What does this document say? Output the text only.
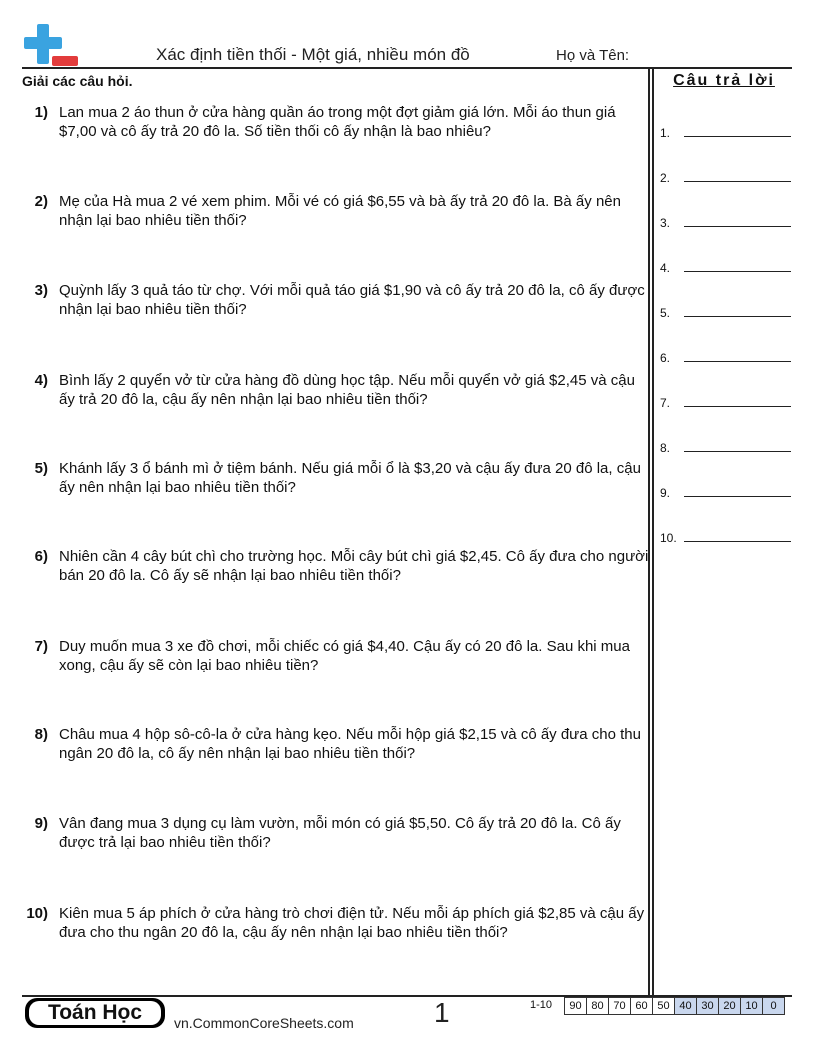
Xác định tiền thối - Một giá, nhiều món đồ	Họ và Tên:
Giải các câu hỏi.	Câu trả lời
1) Lan mua 2 áo thun ở cửa hàng quần áo trong một đợt giảm giá lớn. Mỗi áo thun giá $7,00 và cô ấy trả 20 đô la. Số tiền thối cô ấy nhận là bao nhiêu?
2) Mẹ của Hà mua 2 vé xem phim. Mỗi vé có giá $6,55 và bà ấy trả 20 đô la. Bà ấy nên nhận lại bao nhiêu tiền thối?
3) Quỳnh lấy 3 quả táo từ chợ. Với mỗi quả táo giá $1,90 và cô ấy trả 20 đô la, cô ấy được nhận lại bao nhiêu tiền thối?
4) Bình lấy 2 quyển vở từ cửa hàng đồ dùng học tập. Nếu mỗi quyển vở giá $2,45 và cậu ấy trả 20 đô la, cậu ấy nên nhận lại bao nhiêu tiền thối?
5) Khánh lấy 3 ổ bánh mì ở tiệm bánh. Nếu giá mỗi ổ là $3,20 và cậu ấy đưa 20 đô la, cậu ấy nên nhận lại bao nhiêu tiền thối?
6) Nhiên cần 4 cây bút chì cho trường học. Mỗi cây bút chì giá $2,45. Cô ấy đưa cho người bán 20 đô la. Cô ấy sẽ nhận lại bao nhiêu tiền thối?
7) Duy muốn mua 3 xe đồ chơi, mỗi chiếc có giá $4,40. Cậu ấy có 20 đô la. Sau khi mua xong, cậu ấy sẽ còn lại bao nhiêu tiền?
8) Châu mua 4 hộp sô-cô-la ở cửa hàng kẹo. Nếu mỗi hộp giá $2,15 và cô ấy đưa cho thu ngân 20 đô la, cô ấy nên nhận lại bao nhiêu tiền thối?
9) Vân đang mua 3 dụng cụ làm vườn, mỗi món có giá $5,50. Cô ấy trả 20 đô la. Cô ấy được trả lại bao nhiêu tiền thối?
10) Kiên mua 5 áp phích ở cửa hàng trò chơi điện tử. Nếu mỗi áp phích giá $2,85 và cậu ấy đưa cho thu ngân 20 đô la, cậu ấy nên nhận lại bao nhiêu tiền thối?
1.
2.
3.
4.
5.
6.
7.
8.
9.
10.
Toán Học	vn.CommonCoreSheets.com	1	1-10	90 80 70 60 50 40 30 20 10	0
